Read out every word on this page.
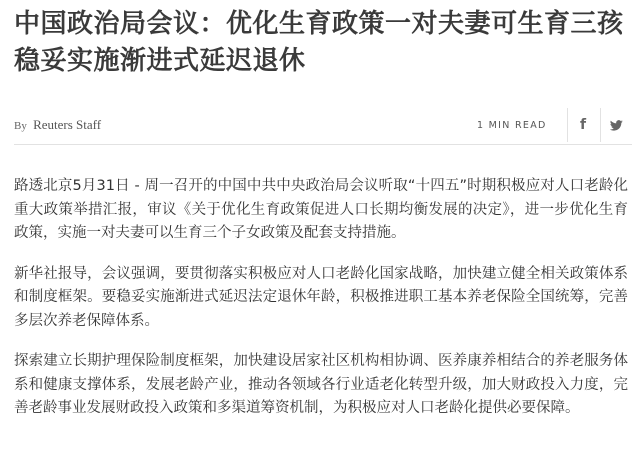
中国政治局会议：优化生育政策一对夫妻可生育三孩 稳妥实施渐进式延迟退休
By Reuters Staff	1 MIN READ f

路透北京5月31日 - 周一召开的中国中共中央政治局会议听取“十四五”时期积极应对人口老龄化重大政策举措汇报，审议《关于优化生育政策促进人口长期均衡发展的决定》，进一步优化生育政策，实施一对夫妻可以生育三个子女政策及配套支持措施。

新华社报导，会议强调，要贯彻落实积极应对人口老龄化国家战略，加快建立健全相关政策体系和制度框架。要稳妥实施渐进式延迟法定退休年龄，积极推进职工基本养老保险全国统筹，完善多层次养老保障体系。

探索建立长期护理保险制度框架，加快建设居家社区机构相协调、医养康养相结合的养老服务体系和健康支撑体系，发展老龄产业，推动各领域各行业适老化转型升级，加大财政投入力度，完善老龄事业发展财政投入政策和多渠道筹资机制，为积极应对人口老龄化提供必要保障。
